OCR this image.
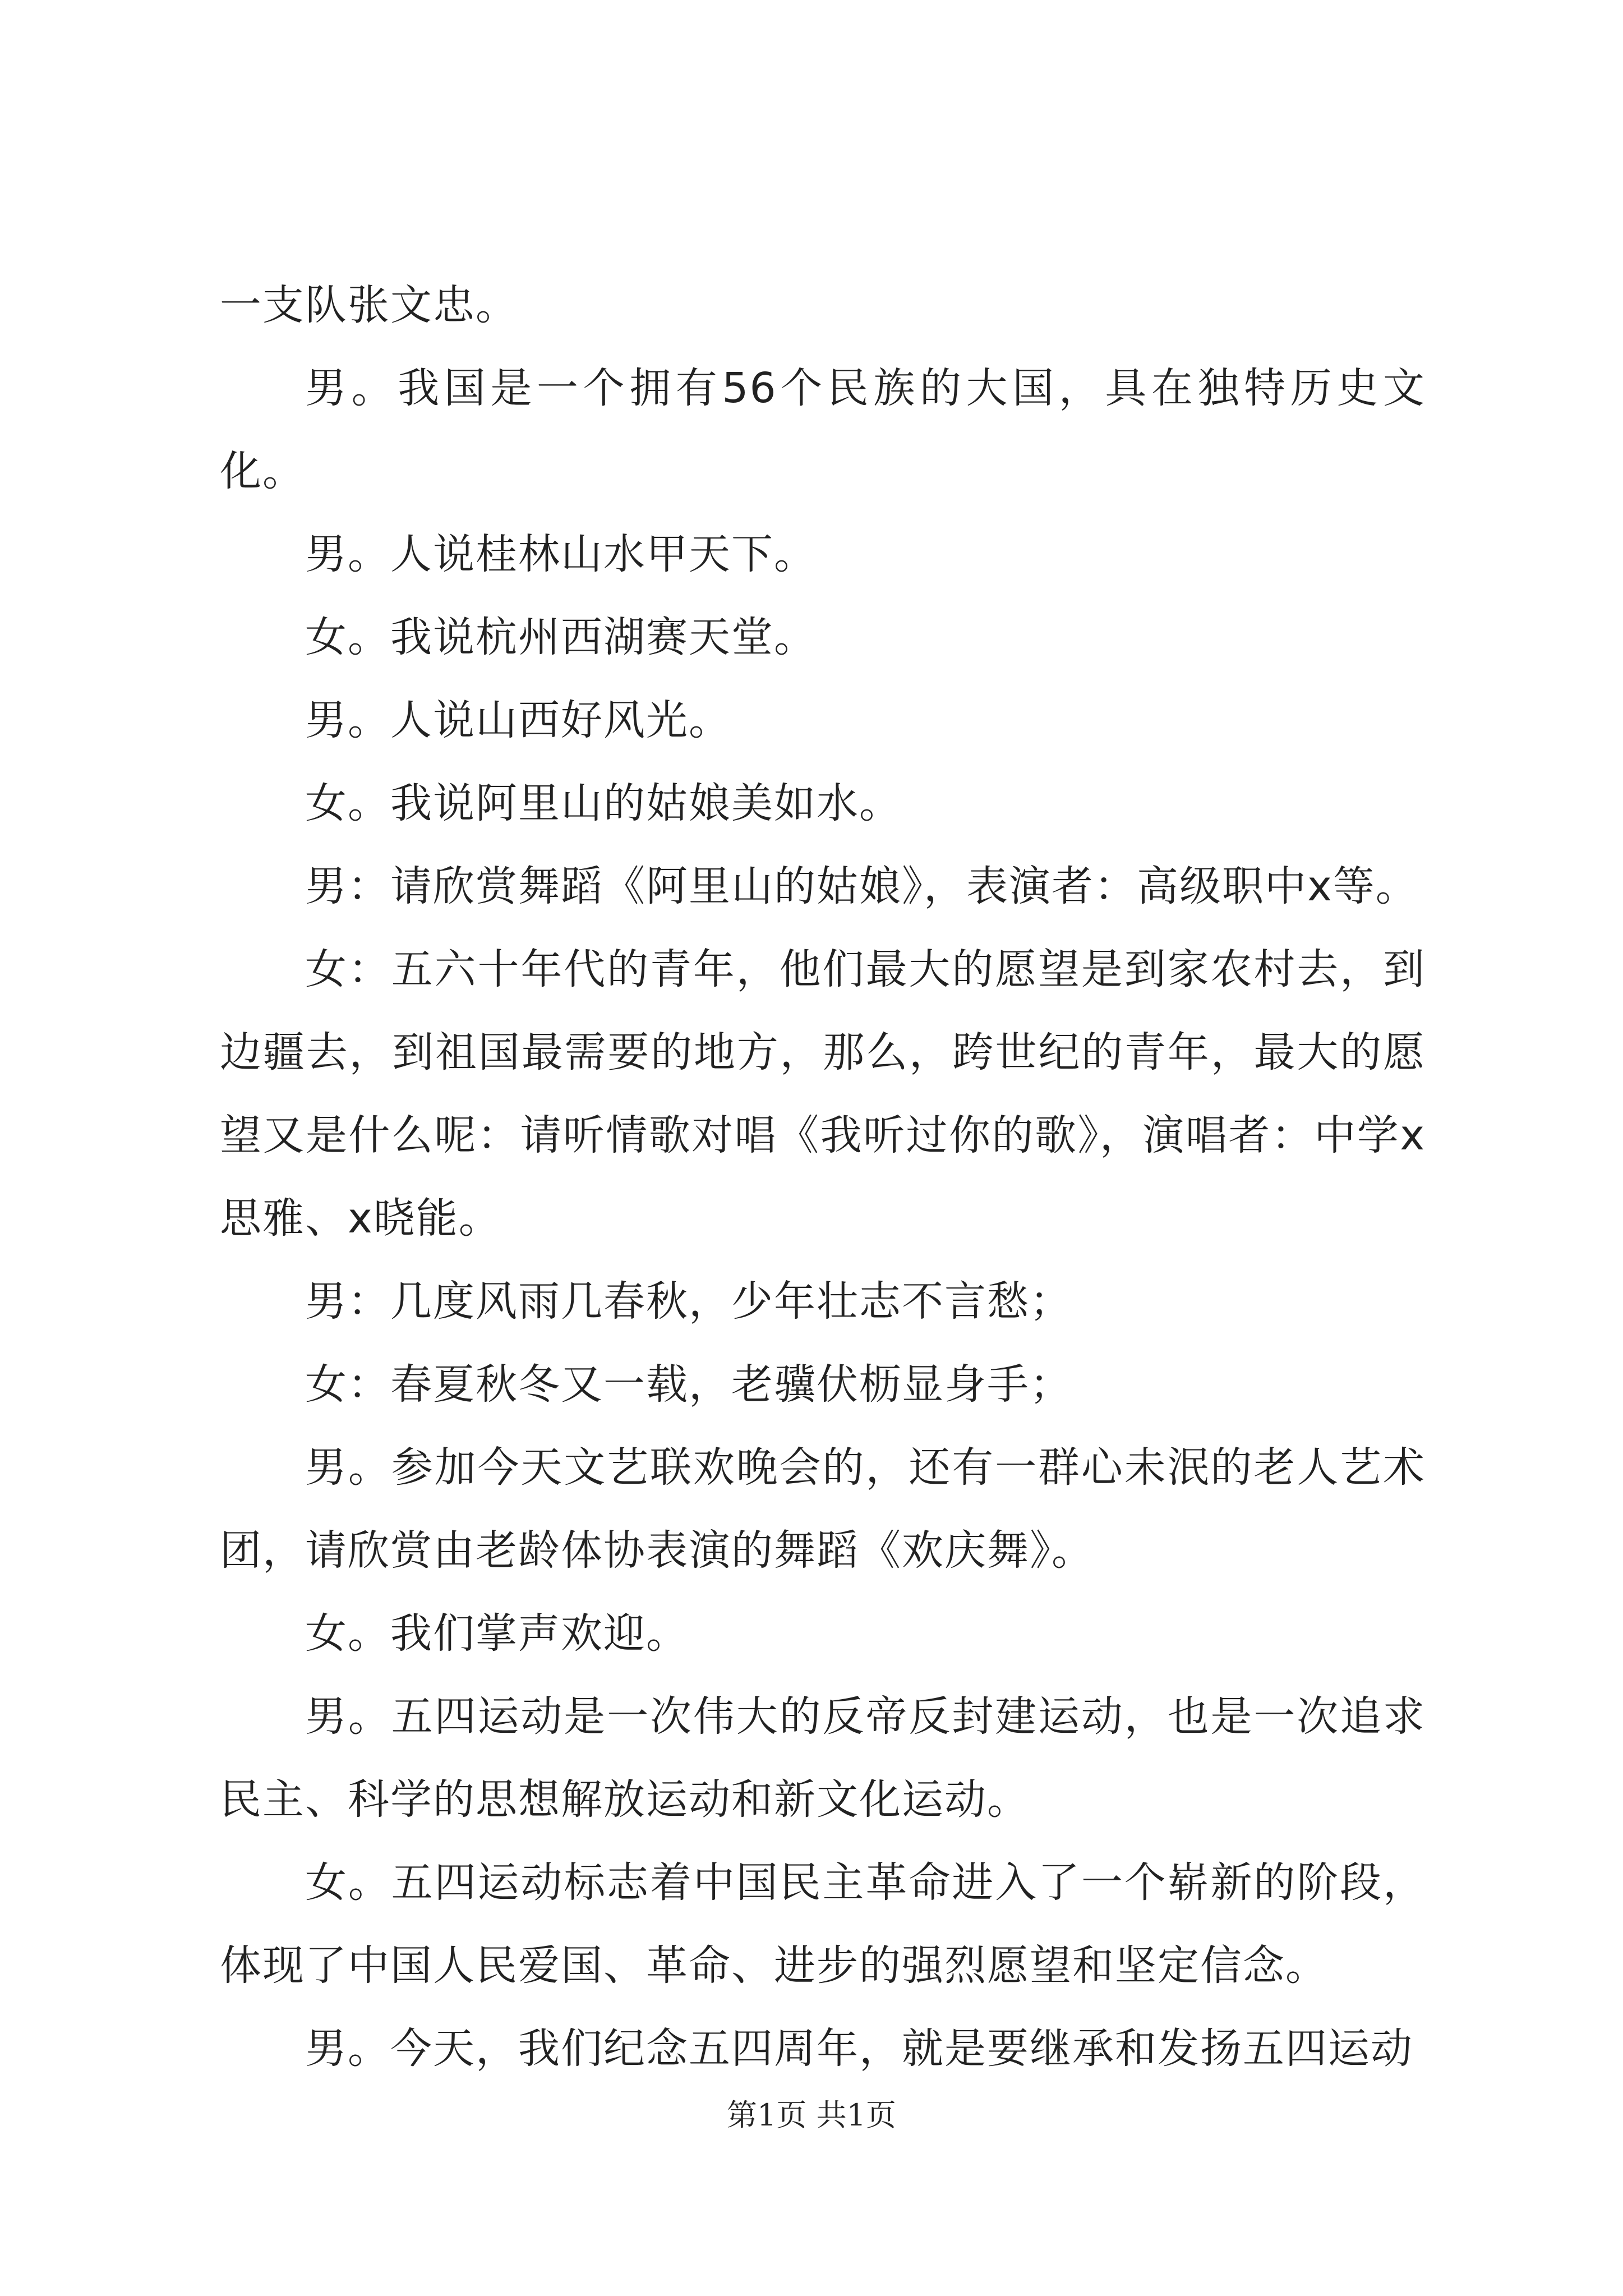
一支队张文忠。

男。我国是一个拥有56个民族的大国，具在独特历史文化。

男。人说桂林山水甲天下。

女。我说杭州西湖赛天堂。

男。人说山西好风光。

女。我说阿里山的姑娘美如水。

男：请欣赏舞蹈《阿里山的姑娘》，表演者：高级职中x等。

女：五六十年代的青年，他们最大的愿望是到家农村去，到边疆去，到祖国最需要的地方，那么，跨世纪的青年，最大的愿望又是什么呢：请听情歌对唱《我听过你的歌》，演唱者：中学x思雅、x晓能。

男：几度风雨几春秋，少年壮志不言愁；

女：春夏秋冬又一载，老骥伏枥显身手；

男。参加今天文艺联欢晚会的，还有一群心未泯的老人艺术团，请欣赏由老龄体协表演的舞蹈《欢庆舞》。

女。我们掌声欢迎。

男。五四运动是一次伟大的反帝反封建运动，也是一次追求民主、科学的思想解放运动和新文化运动。

女。五四运动标志着中国民主革命进入了一个崭新的阶段，体现了中国人民爱国、革命、进步的强烈愿望和坚定信念。

男。今天，我们纪念五四周年，就是要继承和发扬五四运动

第1页 共1页
